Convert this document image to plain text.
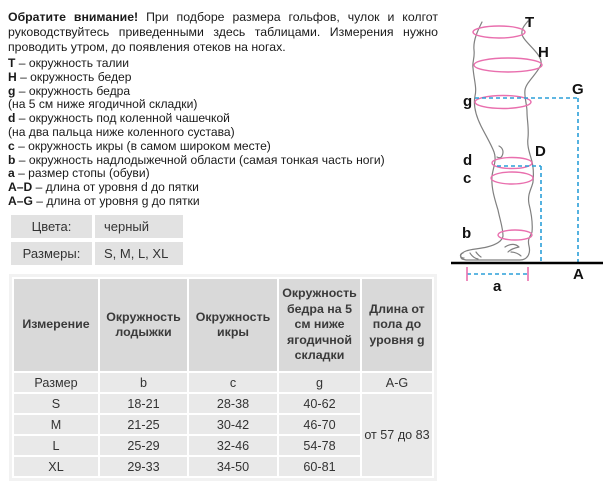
Обратите внимание! При подборе размера гольфов, чулок и колгот руководствуйтесь приведенными здесь таблицами. Измерения нужно проводить утром, до появления отеков на ногах.

T – окружность талии
H – окружность бедер
g – окружность бедра
(на 5 см ниже ягодичной складки)
d – окружность под коленной чашечкой
(на два пальца ниже коленного сустава)
c – окружность икры (в самом широком месте)
b – окружность надлодыжечной области (самая тонкая часть ноги)
a – размер стопы (обуви)
A–D – длина от уровня d до пятки
A–G – длина от уровня g до пятки
Цвета:	черный
Размеры:	S, M, L, XL
Измерение	Окружность лодыжки	Окружность икры	Окружность бедра на 5 см ниже ягодичной складки	Длина от пола до уровня g
Размер	b	c	g	A-G
S	18-21	28-38	40-62	от 57 до 83
M	21-25	30-42	46-70	
L	25-29	32-46	54-78	
XL	29-33	34-50	60-81	
T
H
G
g
D
d
c
b
A
a
